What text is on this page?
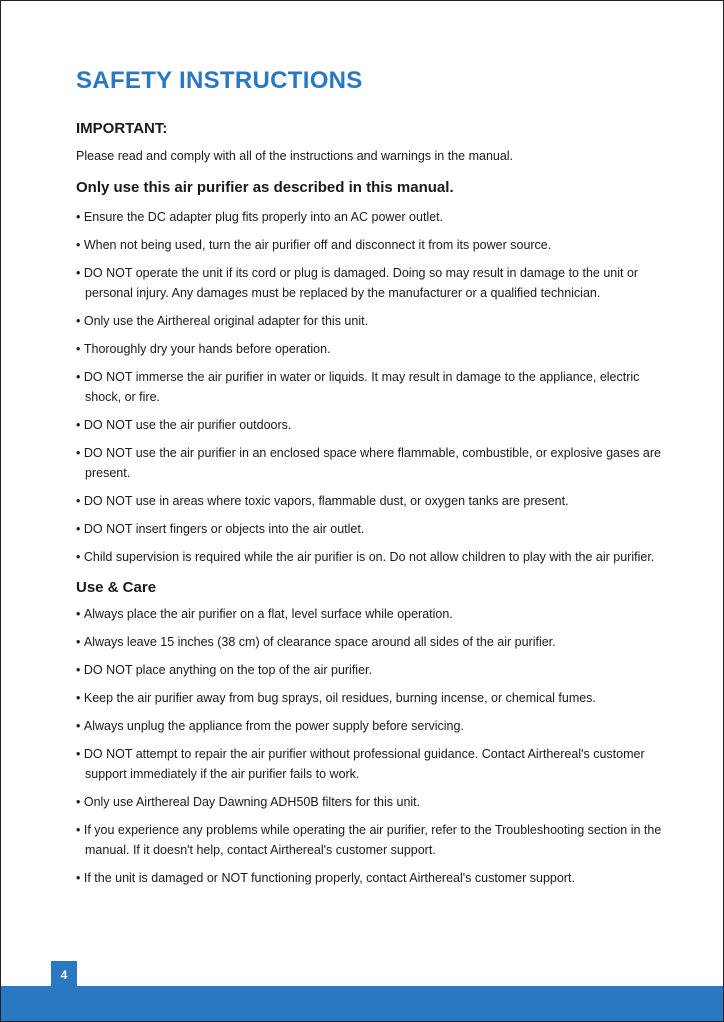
SAFETY INSTRUCTIONS
IMPORTANT:

Please read and comply with all of the instructions and warnings in the manual.

Only use this air purifier as described in this manual.
• Ensure the DC adapter plug fits properly into an AC power outlet.
• When not being used, turn the air purifier off and disconnect it from its power source.
• DO NOT operate the unit if its cord or plug is damaged. Doing so may result in damage to the unit or personal injury. Any damages must be replaced by the manufacturer or a qualified technician.
• Only use the Airthereal original adapter for this unit.
• Thoroughly dry your hands before operation.
• DO NOT immerse the air purifier in water or liquids. It may result in damage to the appliance, electric shock, or fire.
• DO NOT use the air purifier outdoors.
• DO NOT use the air purifier in an enclosed space where flammable, combustible, or explosive gases are present.
• DO NOT use in areas where toxic vapors, flammable dust, or oxygen tanks are present.
• DO NOT insert fingers or objects into the air outlet.
• Child supervision is required while the air purifier is on. Do not allow children to play with the air purifier.
Use & Care
• Always place the air purifier on a flat, level surface while operation.
• Always leave 15 inches (38 cm) of clearance space around all sides of the air purifier.
• DO NOT place anything on the top of the air purifier.
• Keep the air purifier away from bug sprays, oil residues, burning incense, or chemical fumes.
• Always unplug the appliance from the power supply before servicing.
• DO NOT attempt to repair the air purifier without professional guidance. Contact Airthereal's customer support immediately if the air purifier fails to work.
• Only use Airthereal Day Dawning ADH50B filters for this unit.
• If you experience any problems while operating the air purifier, refer to the Troubleshooting section in the manual. If it doesn't help, contact Airthereal's customer support.
• If the unit is damaged or NOT functioning properly, contact Airthereal's customer support.
4
